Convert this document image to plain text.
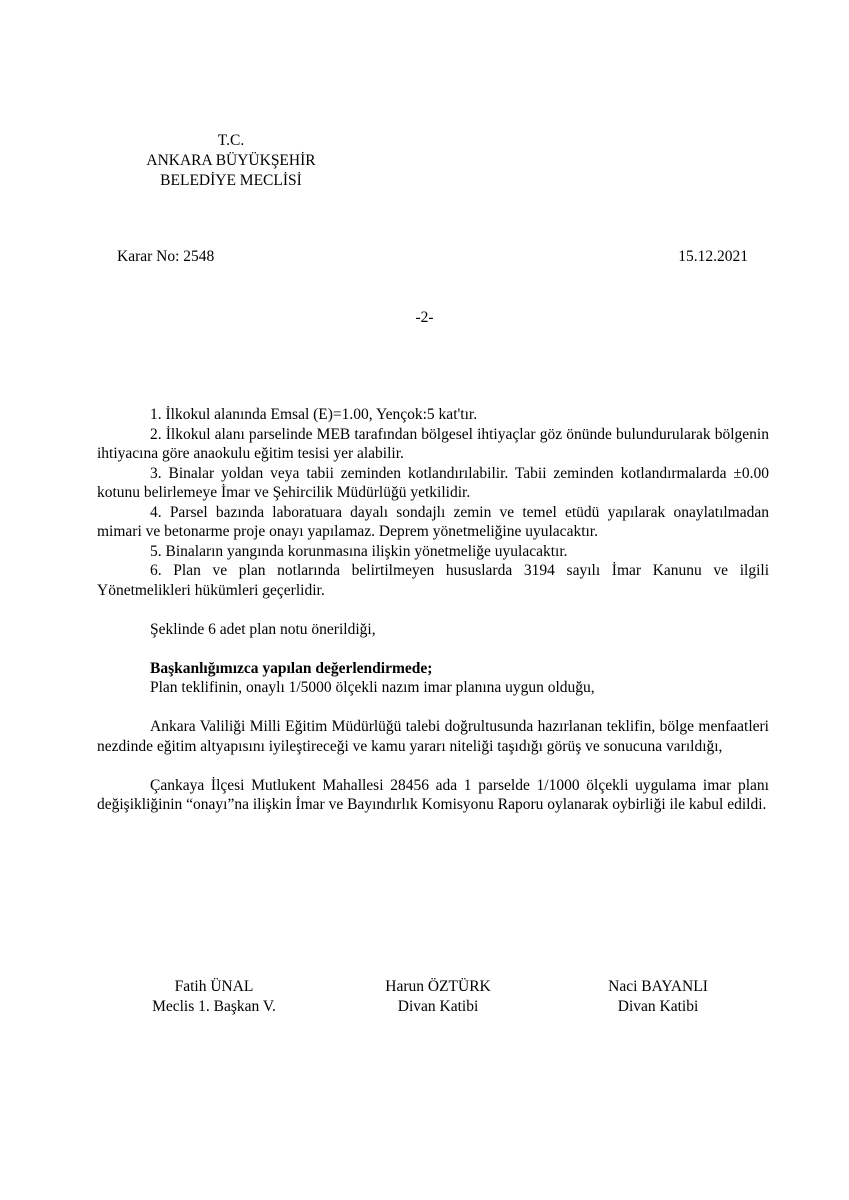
T.C.
ANKARA BÜYÜKŞEHİR
BELEDİYE MECLİSİ
Karar No: 2548	15.12.2021
-2-
1. İlkokul alanında Emsal (E)=1.00, Yençok:5 kat'tır.
2. İlkokul alanı parselinde MEB tarafından bölgesel ihtiyaçlar göz önünde bulundurularak bölgenin ihtiyacına göre anaokulu eğitim tesisi yer alabilir.
3. Binalar yoldan veya tabii zeminden kotlandırılabilir. Tabii zeminden kotlandırmalarda ±0.00 kotunu belirlemeye İmar ve Şehircilik Müdürlüğü yetkilidir.
4. Parsel bazında laboratuara dayalı sondajlı zemin ve temel etüdü yapılarak onaylatılmadan mimari ve betonarme proje onayı yapılamaz. Deprem yönetmeliğine uyulacaktır.
5. Binaların yangında korunmasına ilişkin yönetmeliğe uyulacaktır.
6. Plan ve plan notlarında belirtilmeyen hususlarda 3194 sayılı İmar Kanunu ve ilgili Yönetmelikleri hükümleri geçerlidir.
Şeklinde 6 adet plan notu önerildiği,
Başkanlığımızca yapılan değerlendirmede;
Plan teklifinin, onaylı 1/5000 ölçekli nazım imar planına uygun olduğu,
Ankara Valiliği Milli Eğitim Müdürlüğü talebi doğrultusunda hazırlanan teklifin, bölge menfaatleri nezdinde eğitim altyapısını iyileştireceği ve kamu yararı niteliği taşıdığı görüş ve sonucuna varıldığı,
Çankaya İlçesi Mutlukent Mahallesi 28456 ada 1 parselde 1/1000 ölçekli uygulama imar planı değişikliğinin “onayı”na ilişkin İmar ve Bayındırlık Komisyonu Raporu oylanarak oybirliği ile kabul edildi.
Fatih ÜNAL
Meclis 1. Başkan V.
Harun ÖZTÜRK
Divan Katibi
Naci BAYANLI
Divan Katibi
